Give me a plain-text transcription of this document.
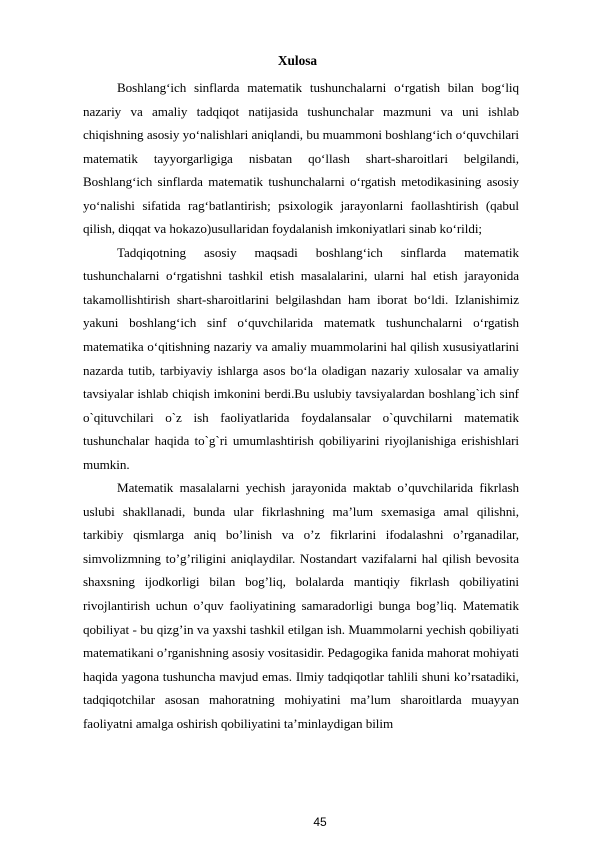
Xulosa

Boshlang‘ich sinflarda matematik tushunchalarni o‘rgatish bilan bog‘liq nazariy va amaliy tadqiqot natijasida tushunchalar mazmuni va uni ishlab chiqishning asosiy yo‘nalishlari aniqlandi, bu muammoni boshlang‘ich o‘quvchilari matematik tayyorgarligiga nisbatan qo‘llash shart-sharoitlari belgilandi, Boshlang‘ich sinflarda matematik tushunchalarni o‘rgatish metodikasining asosiy yo‘nalishi sifatida rag‘batlantirish; psixologik jarayonlarni faollashtirish (qabul qilish, diqqat va hokazo)usullaridan foydalanish imkoniyatlari sinab ko‘rildi;

Tadqiqotning asosiy maqsadi boshlang‘ich sinflarda matematik tushunchalarni o‘rgatishni tashkil etish masalalarini, ularni hal etish jarayonida takamollishtirish shart-sharoitlarini belgilashdan ham iborat bo‘ldi. Izlanishimiz yakuni boshlang‘ich sinf o‘quvchilarida matematk tushunchalarni o‘rgatish matematika o‘qitishning nazariy va amaliy muammolarini hal qilish xususiyatlarini nazarda tutib, tarbiyaviy ishlarga asos bo‘la oladigan nazariy xulosalar va amaliy tavsiyalar ishlab chiqish imkonini berdi.Bu uslubiy tavsiyalardan boshlang`ich sinf o`qituvchilari o`z ish faoliyatlarida foydalansalar o`quvchilarni matematik tushunchalar haqida to`g`ri umumlashtirish qobiliyarini riyojlanishiga erishishlari mumkin.

Matematik masalalarni yechish jarayonida maktab o’quvchilarida fikrlash uslubi shakllanadi, bunda ular fikrlashning ma’lum sxemasiga amal qilishni, tarkibiy qismlarga aniq bo’linish va o’z fikrlarini ifodalashni o’rganadilar, simvolizmning to’g’riligini aniqlaydilar. Nostandart vazifalarni hal qilish bevosita shaxsning ijodkorligi bilan bog’liq, bolalarda mantiqiy fikrlash qobiliyatini rivojlantirish uchun o’quv faoliyatining samaradorligi bunga bog’liq. Matematik qobiliyat - bu qizg’in va yaxshi tashkil etilgan ish. Muammolarni yechish qobiliyati matematikani o’rganishning asosiy vositasidir. Pedagogika fanida mahorat mohiyati haqida yagona tushuncha mavjud emas. Ilmiy tadqiqotlar tahlili shuni ko’rsatadiki, tadqiqotchilar asosan mahoratning mohiyatini ma’lum sharoitlarda muayyan faoliyatni amalga oshirish qobiliyatini ta’minlaydigan bilim

45
